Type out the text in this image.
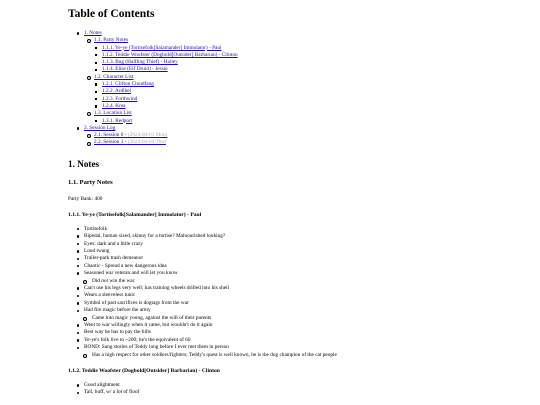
Table of Contents
1. Notes
1.1. Party Notes
1.1.1. Ye-ye (Tortisefolk[Salamander] Immolator) - Paul
1.1.2. Teddie Woofster (Dogbold[Outsider] Barbarian) - Clinton
1.1.3. Bug (Halfling Thief) - Hailey
1.1.4. Elise (Elf Druid) - Jessie
1.2. Character List
1.2.1. Clifton Cloudfang
1.2.2. Ardlhel
1.2.3. Forthwind
1.2.4. Krea
1.3. Location List
1.3.1. Redport
2. Session Log
2.1. Session 0 - (2024-04-01 Mon)
2.2. Session 1 - (2024-04-04 Thu)
1. Notes
1.1. Party Notes

Party Bank: 400

1.1.1. Ye-ye (Tortisefolk[Salamander] Immolator) - Paul
Tortisefolk
Bipedal, human sized, skinny for a tortise? Malnourished looking?
Eyes: dark and a little crazy
Loud twang
Trailer-park trash demeanor
Chaotic - Spread a new dangerous idea
Seasoned war veteran and will let you know
Did not win the war
Can't use his legs very well; has training wheels drilled into his shell
Wears a sleeveless tunic
Symbol of past sacrifices is dogtags from the war
Had fire magic before the army
Came into magic young, against the will of their parents
Went to war willingly when it came, but wouldn't do it again
Best way he has to pay the bills
Ye-ye's folk live to ~200; he's the equivalent of 60
BOND: Sang stories of Teddy long before I ever met them in person
Has a high respect for other soldiers/fighters; Teddy's quest is well known, he is the dog champion of the cat people
1.1.2. Teddie Woofster (Dogbold[Outsider] Barbarian) - Clinton
Good alightment
Tall, buff, w/ a lot of floof
